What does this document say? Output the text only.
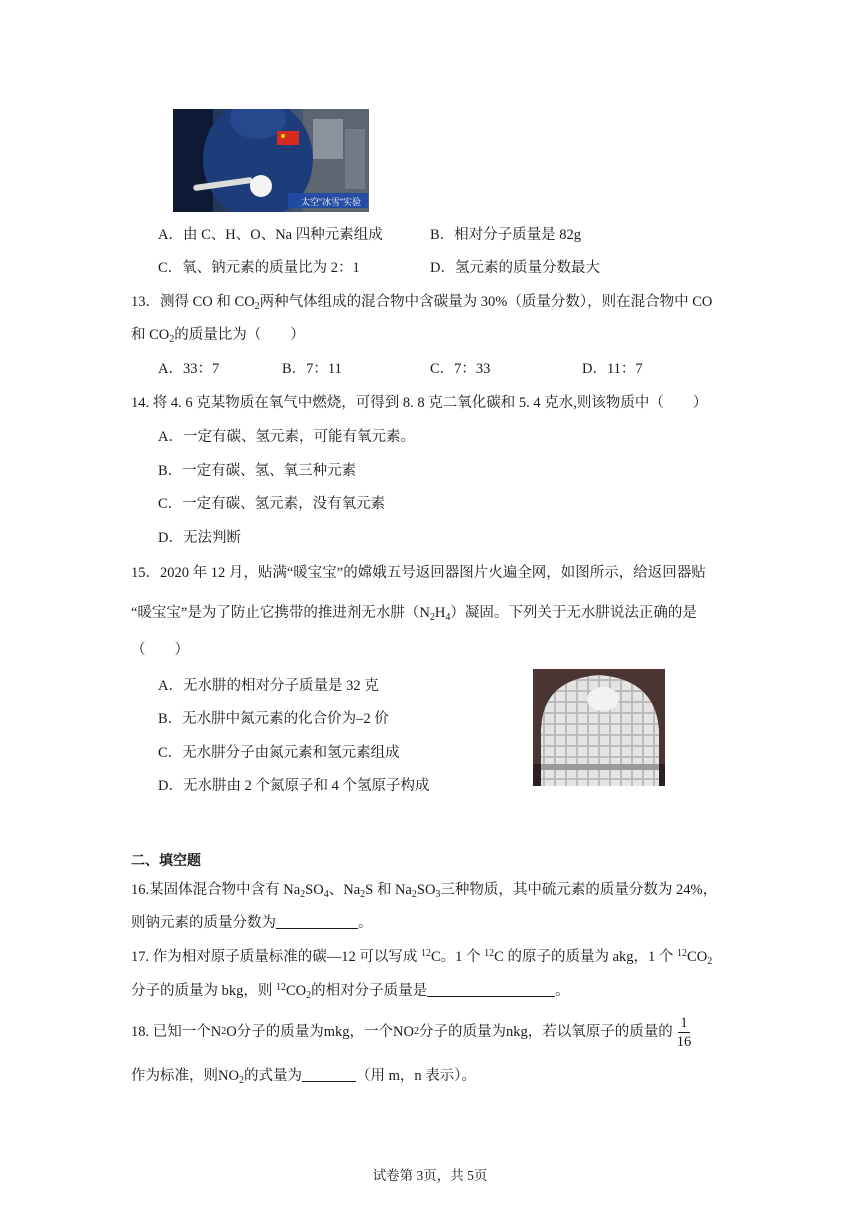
太空“冰雪”实验
A．由 C、H、O、Na 四种元素组成	B．相对分子质量是 82g
C．氧、钠元素的质量比为 2：1	D．氢元素的质量分数最大
13．测得 CO 和 $CO_2$两种气体组成的混合物中含碳量为 30%（质量分数），则在混合物中 CO
和 $CO_2$的质量比为（　　）
A．33：7	B．7：11	C．7：33	D．11：7
14. 将 4. 6 克某物质在氧气中燃烧，可得到 8. 8 克二氧化碳和 5. 4 克水,则该物质中（　　）
A．一定有碳、氢元素，可能有氧元素。
B．一定有碳、氢、氧三种元素
C．一定有碳、氢元素，没有氧元素
D．无法判断
15．2020 年 12 月，贴满“暖宝宝”的嫦娥五号返回器图片火遍全网，如图所示，给返回器贴
“暖宝宝”是为了防止它携带的推进剂无水肼$(N_2H_4)$凝固。下列关于无水肼说法正确的是
（　　）
A．无水肼的相对分子质量是 32 克
B．无水肼中氮元素的化合价为–2 价
C．无水肼分子由氮元素和氢元素组成
D．无水肼由 2 个氮原子和 4 个氢原子构成
二、填空题
16.某固体混合物中含有 $Na_2SO_4$、$Na_2S$ 和 $Na_2SO_3$三种物质，其中硫元素的质量分数为 24%，
则钠元素的质量分数为	。
17. 作为相对原子质量标准的碳—12 可以写成 $^{12}$C。1 个 $^{12}$C 的原子的质量为 akg，1 个 $^{12}CO_2$
分子的质量为 bkg，则 $^{12}CO_2$的相对分子质量是	。
18. 已知一个 N 2 O 分子的质量为 mkg ，一个 NO 2 分子的质量为 nkg ，若以氧原子的质量的 $\frac{1}{16}$
作为标准，则$NO_2$的式量为	（用 m，n 表示）。
试卷第 3页，共 5页
